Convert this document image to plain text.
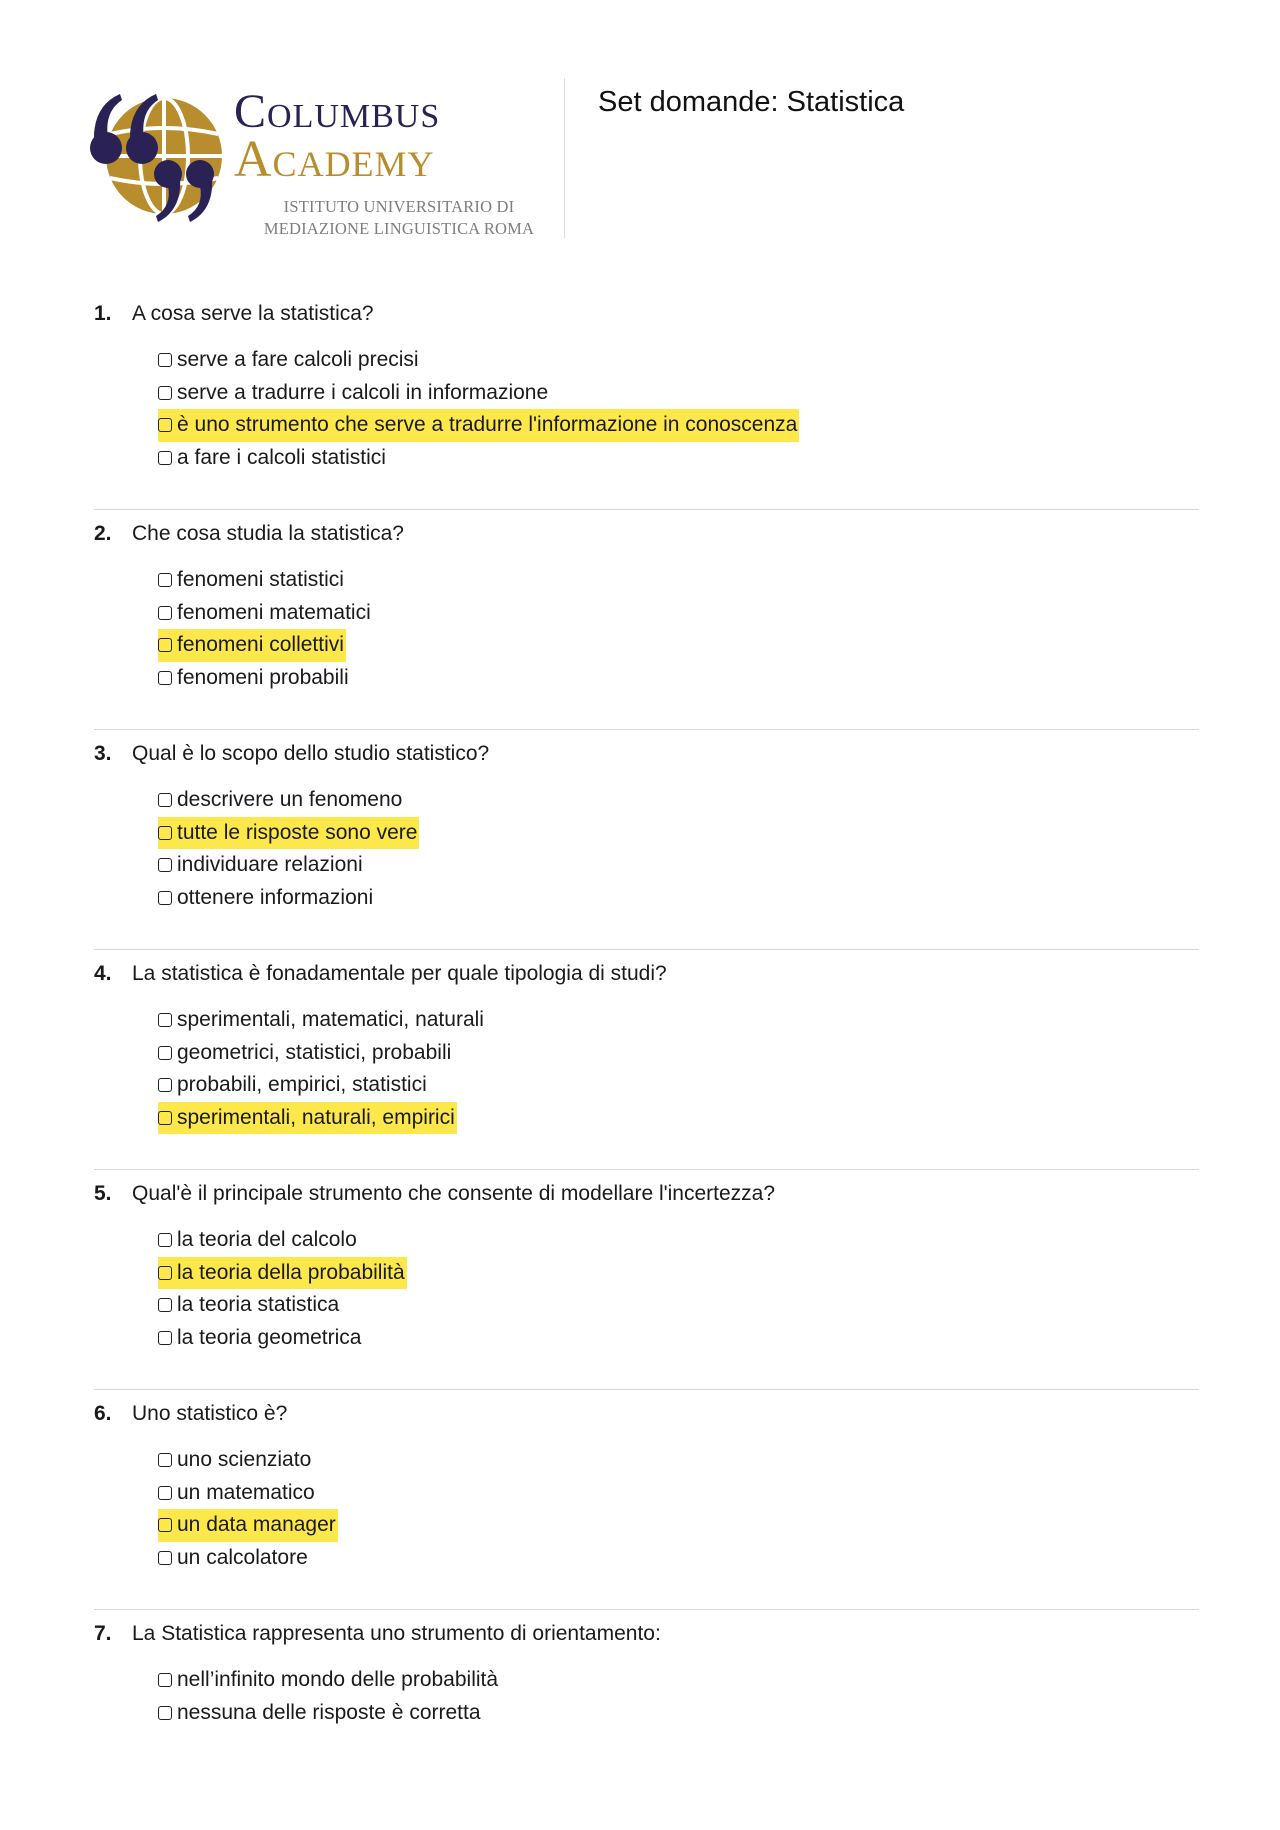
Columbus
Academy
ISTITUTO UNIVERSITARIO DI
MEDIAZIONE LINGUISTICA ROMA
Set domande: Statistica
1. A cosa serve la statistica?
serve a fare calcoli precisi
serve a tradurre i calcoli in informazione
è uno strumento che serve a tradurre l'informazione in conoscenza
a fare i calcoli statistici
2. Che cosa studia la statistica?
fenomeni statistici
fenomeni matematici
fenomeni collettivi
fenomeni probabili
3. Qual è lo scopo dello studio statistico?
descrivere un fenomeno
tutte le risposte sono vere
individuare relazioni
ottenere informazioni
4. La statistica è fonadamentale per quale tipologia di studi?
sperimentali, matematici, naturali
geometrici, statistici, probabili
probabili, empirici, statistici
sperimentali, naturali, empirici
5. Qual'è il principale strumento che consente di modellare l'incertezza?
la teoria del calcolo
la teoria della probabilità
la teoria statistica
la teoria geometrica
6. Uno statistico è?
uno scienziato
un matematico
un data manager
un calcolatore
7. La Statistica rappresenta uno strumento di orientamento:
nell’infinito mondo delle probabilità
nessuna delle risposte è corretta
